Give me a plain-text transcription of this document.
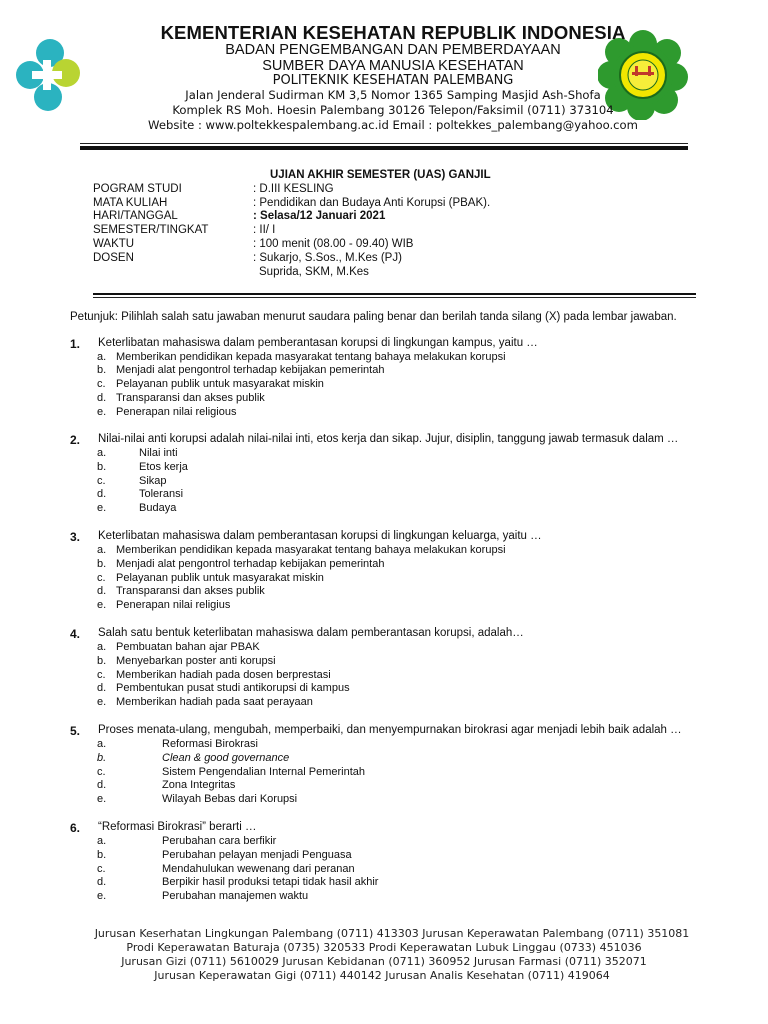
KEMENTERIAN KESEHATAN REPUBLIK INDONESIA
BADAN PENGEMBANGAN DAN PEMBERDAYAAN
SUMBER DAYA MANUSIA KESEHATAN
POLITEKNIK KESEHATAN PALEMBANG
Jalan Jenderal Sudirman KM 3,5 Nomor 1365 Samping Masjid Ash-Shofa
Komplek RS Moh. Hoesin Palembang 30126 Telepon/Faksimil (0711) 373104
Website : www.poltekkespalembang.ac.id Email : poltekkes_palembang@yahoo.com
UJIAN AKHIR SEMESTER (UAS) GANJIL
POGRAM STUDI	: D.III KESLING
MATA KULIAH	: Pendidikan dan Budaya Anti Korupsi (PBAK).
HARI/TANGGAL	: Selasa/12 Januari 2021
SEMESTER/TINGKAT	: II/ I
WAKTU	: 100 menit (08.00 - 09.40) WIB
DOSEN	: Sukarjo, S.Sos., M.Kes (PJ)
Suprida, SKM, M.Kes
Petunjuk: Pilihlah salah satu jawaban menurut saudara paling benar dan berilah tanda silang (X) pada lembar jawaban.
1. Keterlibatan mahasiswa dalam pemberantasan korupsi di lingkungan kampus, yaitu …
a. Memberikan pendidikan kepada masyarakat tentang bahaya melakukan korupsi
b. Menjadi alat pengontrol terhadap kebijakan pemerintah
c. Pelayanan publik untuk masyarakat miskin
d. Transparansi dan akses publik
e. Penerapan nilai religious
2. Nilai-nilai anti korupsi adalah nilai-nilai inti, etos kerja dan sikap. Jujur, disiplin, tanggung jawab termasuk dalam …
a.	Nilai inti
b.	Etos kerja
c.	Sikap
d.	Toleransi
e.	Budaya
3. Keterlibatan mahasiswa dalam pemberantasan korupsi di lingkungan keluarga, yaitu …
a. Memberikan pendidikan kepada masyarakat tentang bahaya melakukan korupsi
b. Menjadi alat pengontrol terhadap kebijakan pemerintah
c. Pelayanan publik untuk masyarakat miskin
d. Transparansi dan akses publik
e. Penerapan nilai religius
4. Salah satu bentuk keterlibatan mahasiswa dalam pemberantasan korupsi, adalah…
a. Pembuatan bahan ajar PBAK
b. Menyebarkan poster anti korupsi
c. Memberikan hadiah pada dosen berprestasi
d. Pembentukan pusat studi antikorupsi di kampus
e. Memberikan hadiah pada saat perayaan
5. Proses menata-ulang, mengubah, memperbaiki, dan menyempurnakan birokrasi agar menjadi lebih baik adalah …
a.	Reformasi Birokrasi
b.	Clean & good governance
c.	Sistem Pengendalian Internal Pemerintah
d.	Zona Integritas
e.	Wilayah Bebas dari Korupsi
6. “Reformasi Birokrasi” berarti …
a.	Perubahan cara berfikir
b.	Perubahan pelayan menjadi Penguasa
c.	Mendahulukan wewenang dari peranan
d.	Berpikir hasil produksi tetapi tidak hasil akhir
e.	Perubahan manajemen waktu
Jurusan Keserhatan Lingkungan Palembang (0711) 413303 Jurusan Keperawatan Palembang (0711) 351081
Prodi Keperawatan Baturaja (0735) 320533 Prodi Keperawatan Lubuk Linggau (0733) 451036
Jurusan Gizi (0711) 5610029 Jurusan Kebidanan (0711) 360952 Jurusan Farmasi (0711) 352071
Jurusan Keperawatan Gigi (0711) 440142 Jurusan Analis Kesehatan (0711) 419064
